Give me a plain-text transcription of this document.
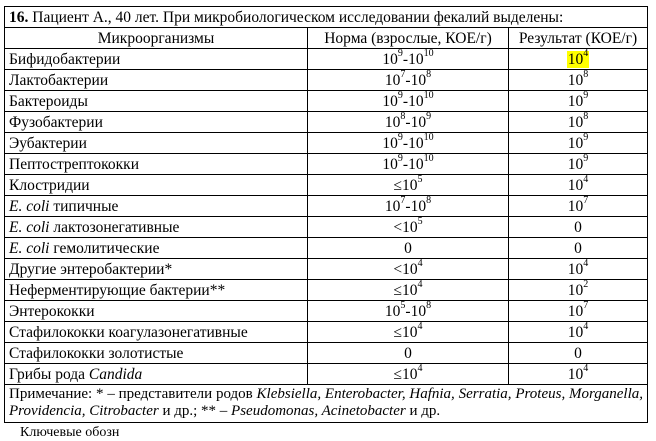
16. Пациент А., 40 лет. При микробиологическом исследовании фекалий выделены:		
Микроорганизмы	Норма (взрослые, КОЕ/г)	Результат (КОЕ/г)
Бифидобактерии	$10^9-10^{10}$	$10^4$
Лактобактерии	$10^7-10^8$	$10^8$
Бактероиды	$10^9-10^{10}$	$10^9$
Фузобактерии	$10^8-10^9$	$10^8$
Эубактерии	$10^9-10^{10}$	$10^9$
Пептострептококки	$10^9-10^{10}$	$10^9$
Клостридии	$\le 10^5$	$10^4$
E. coli типичные	$10^7-10^8$	$10^7$
E. coli лактозонегативные	$<10^5$	0
E. coli гемолитические	0	0
Другие энтеробактерии*	$<10^4$	$10^4$
Неферментирующие бактерии**	$\le 10^4$	$10^2$
Энтерококки	$10^5-10^8$	$10^7$
Стафилококки коагулазонегативные	$\le 10^4$	$10^4$
Стафилококки золотистые	0	0
Грибы рода Candida	$\le 10^4$	$10^4$
Примечание: * – представители родов Klebsiella, Enterobacter, Hafnia, Serratia, Proteus, Morganella, Providencia, Citrobacter и др.; ** – Pseudomonas, Acinetobacter и др.		
Ключевые обозн
